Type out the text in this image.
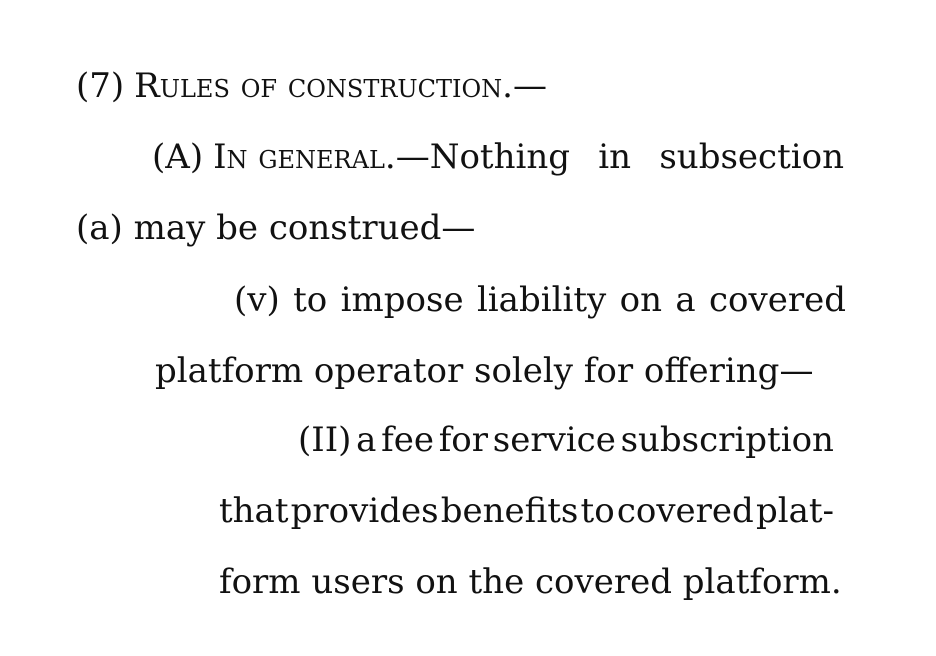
(7) Rules of construction.—
(A) In general.—Nothing in subsection
(a) may be construed—
(v) to impose liability on a covered
platform operator solely for offering—
(II) a fee for service subscription
that provides benefits to covered plat-
form users on the covered platform.
